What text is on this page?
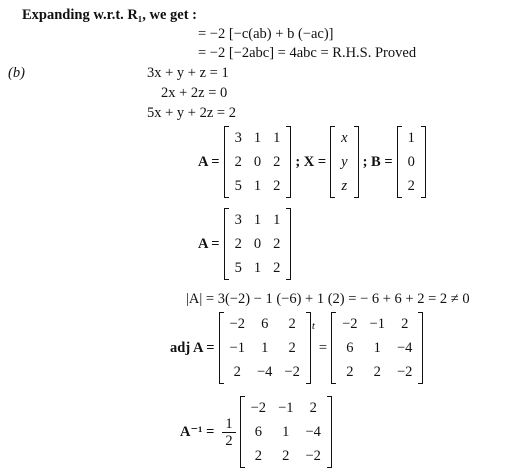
Expanding w.r.t. R₁, we get :
= −2 [−c(ab) + b (−ac)]
= −2 [−2abc] = 4abc = R.H.S. Proved
(b)	3x + y + z = 1
2x + 2z = 0
5x + y + 2z = 2
A =
3	1	1
2	0	2
5	1	2
; X =
x
y
z
; B =
1
0
2
A =
3	1	1
2	0	2
5	1	2
|A| = 3(−2) − 1 (−6) + 1 (2) = − 6 + 6 + 2 = 2 ≠ 0
adj A =
−2	6	2
−1	1	2
2	−4	−2
t
=
−2	−1	2
6	1	−4
2	2	−2
$A^{-1} = \frac{1}{2}$
−2	−1	2
6	1	−4
2	2	−2
